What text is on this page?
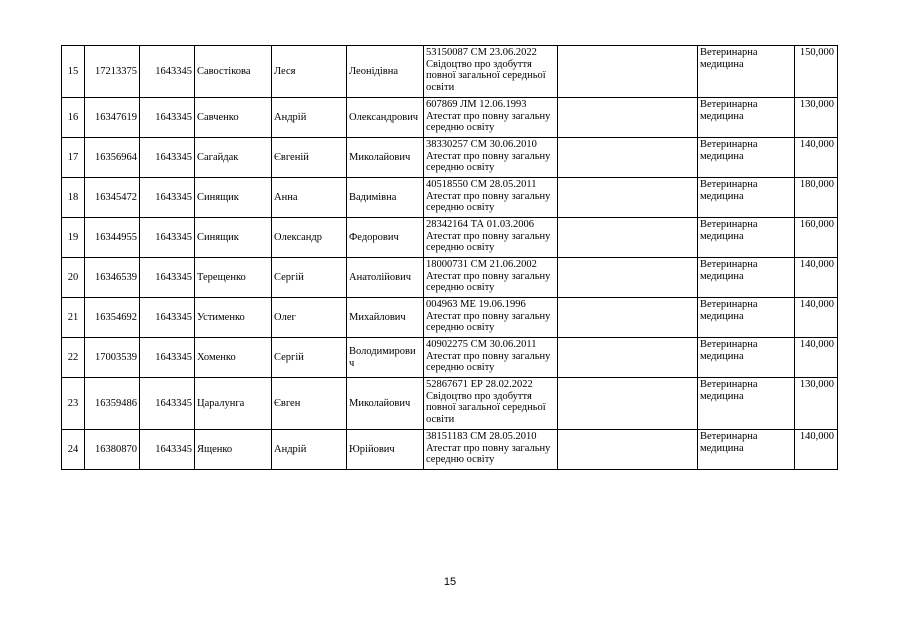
15	17213375	1643345	Савостікова	Леся	Леонідівна	53150087 СМ 23.06.2022
Свідоцтво про здобуття
повної загальної середньої
освіти		Ветеринарна
медицина	150,000
16	16347619	1643345	Савченко	Андрій	Олександрович	607869 ЛМ 12.06.1993
Атестат про повну загальну
середню освіту		Ветеринарна
медицина	130,000
17	16356964	1643345	Сагайдак	Євгеній	Миколайович	38330257 СМ 30.06.2010
Атестат про повну загальну
середню освіту		Ветеринарна
медицина	140,000
18	16345472	1643345	Синящик	Анна	Вадимівна	40518550 СМ 28.05.2011
Атестат про повну загальну
середню освіту		Ветеринарна
медицина	180,000
19	16344955	1643345	Синящик	Олександр	Федорович	28342164 ТА 01.03.2006
Атестат про повну загальну
середню освіту		Ветеринарна
медицина	160,000
20	16346539	1643345	Терещенко	Сергій	Анатолійович	18000731 СМ 21.06.2002
Атестат про повну загальну
середню освіту		Ветеринарна
медицина	140,000
21	16354692	1643345	Устименко	Олег	Михайлович	004963 МЕ 19.06.1996
Атестат про повну загальну
середню освіту		Ветеринарна
медицина	140,000
22	17003539	1643345	Хоменко	Сергій	Володимирови
ч	40902275 СМ 30.06.2011
Атестат про повну загальну
середню освіту		Ветеринарна
медицина	140,000
23	16359486	1643345	Царалунга	Євген	Миколайович	52867671 ЕР 28.02.2022
Свідоцтво про здобуття
повної загальної середньої
освіти		Ветеринарна
медицина	130,000
24	16380870	1643345	Ященко	Андрій	Юрійович	38151183 СМ 28.05.2010
Атестат про повну загальну
середню освіту		Ветеринарна
медицина	140,000
15
